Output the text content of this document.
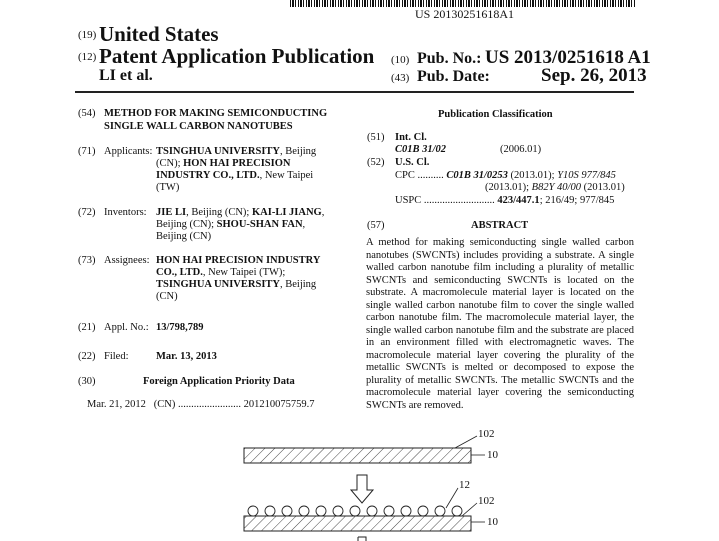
US 20130251618A1
(19) United States
(12) Patent Application Publication
LI et al.
(10) Pub. No.: US 2013/0251618 A1
(43) Pub. Date:	Sep. 26, 2013
(54) METHOD FOR MAKING SEMICONDUCTING
SINGLE WALL CARBON NANOTUBES
(71) Applicants: TSINGHUA UNIVERSITY, Beijing
(CN); HON HAI PRECISION
INDUSTRY CO., LTD., New Taipei
(TW)
(72) Inventors: JIE LI, Beijing (CN); KAI-LI JIANG,
Beijing (CN); SHOU-SHAN FAN,
Beijing (CN)
(73) Assignees: HON HAI PRECISION INDUSTRY
CO., LTD., New Taipei (TW);
TSINGHUA UNIVERSITY, Beijing
(CN)
(21) Appl. No.: 13/798,789
(22) Filed:	Mar. 13, 2013
(30)	Foreign Application Priority Data
Mar. 21, 2012   (CN) ........................ 201210075759.7
Publication Classification
(51) Int. Cl.
C01B 31/02	(2006.01)
(52) U.S. Cl.
CPC .......... C01B 31/0253 (2013.01); Y10S 977/845
(2013.01); B82Y 40/00 (2013.01)
USPC ........................... 423/447.1; 216/49; 977/845
(57)	ABSTRACT
A method for making semiconducting single walled carbon nanotubes (SWCNTs) includes providing a substrate. A single walled carbon nanotube film including a plurality of metallic SWCNTs and semiconducting SWCNTs is located on the substrate. A macromolecule material layer is located on the single walled carbon nanotube film to cover the single walled carbon nanotube film. The macromolecule material layer, the single walled carbon nanotube film and the substrate are placed in an environment filled with electromagnetic waves. The macromolecule material layer covering the plurality of the metallic SWCNTs is melted or decomposed to expose the plurality of metallic SWCNTs. The metallic SWCNTs and the macromolecule material layer covering the semiconducting SWCNTs are removed.
102
10
12
102
10
